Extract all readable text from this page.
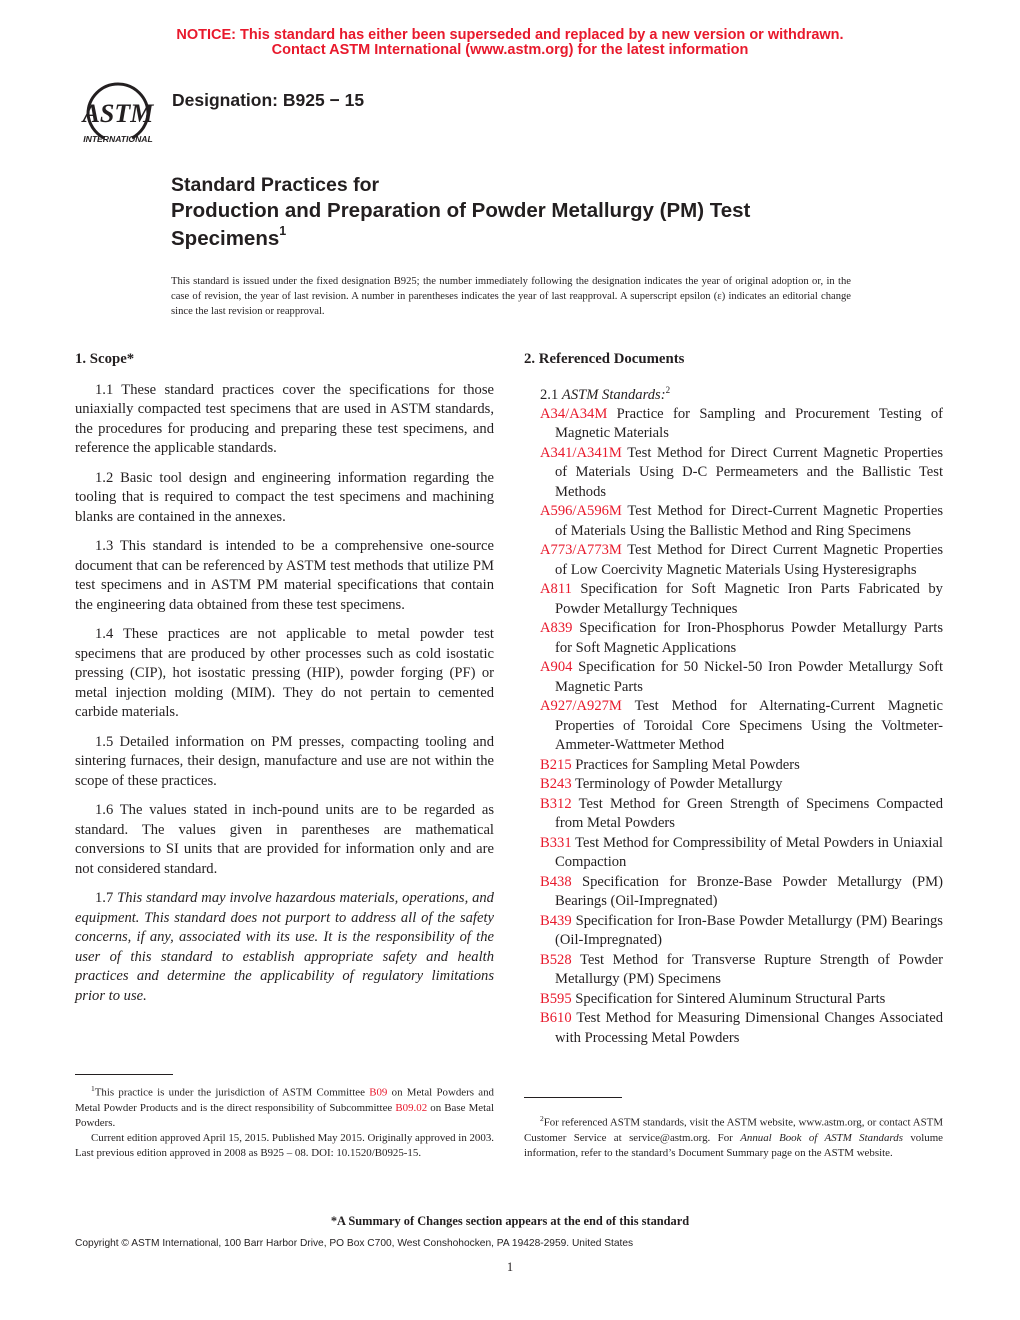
NOTICE: This standard has either been superseded and replaced by a new version or withdrawn.
Contact ASTM International (www.astm.org) for the latest information
ASTM
INTERNATIONAL
Designation: B925 − 15
Standard Practices for
Production and Preparation of Powder Metallurgy (PM) Test
Specimens$^1$
This standard is issued under the fixed designation B925; the number immediately following the designation indicates the year of original adoption or, in the case of revision, the year of last revision. A number in parentheses indicates the year of last reapproval. A superscript epsilon (ε) indicates an editorial change since the last revision or reapproval.
1. Scope*

1.1 These standard practices cover the specifications for those uniaxially compacted test specimens that are used in ASTM standards, the procedures for producing and preparing these test specimens, and reference the applicable standards.

1.2 Basic tool design and engineering information regarding the tooling that is required to compact the test specimens and machining blanks are contained in the annexes.

1.3 This standard is intended to be a comprehensive one-source document that can be referenced by ASTM test methods that utilize PM test specimens and in ASTM PM material specifications that contain the engineering data obtained from these test specimens.

1.4 These practices are not applicable to metal powder test specimens that are produced by other processes such as cold isostatic pressing (CIP), hot isostatic pressing (HIP), powder forging (PF) or metal injection molding (MIM). They do not pertain to cemented carbide materials.

1.5 Detailed information on PM presses, compacting tooling and sintering furnaces, their design, manufacture and use are not within the scope of these practices.

1.6 The values stated in inch-pound units are to be regarded as standard. The values given in parentheses are mathematical conversions to SI units that are provided for information only and are not considered standard.

1.7 This standard may involve hazardous materials, operations, and equipment. This standard does not purport to address all of the safety concerns, if any, associated with its use. It is the responsibility of the user of this standard to establish appropriate safety and health practices and determine the applicability of regulatory limitations prior to use.

2. Referenced Documents
2.1 ASTM Standards:$^2$

A34/A34M Practice for Sampling and Procurement Testing of Magnetic Materials

A341/A341M Test Method for Direct Current Magnetic Properties of Materials Using D-C Permeameters and the Ballistic Test Methods

A596/A596M Test Method for Direct-Current Magnetic Properties of Materials Using the Ballistic Method and Ring Specimens

A773/A773M Test Method for Direct Current Magnetic Properties of Low Coercivity Magnetic Materials Using Hysteresigraphs

A811 Specification for Soft Magnetic Iron Parts Fabricated by Powder Metallurgy Techniques

A839 Specification for Iron-Phosphorus Powder Metallurgy Parts for Soft Magnetic Applications

A904 Specification for 50 Nickel-50 Iron Powder Metallurgy Soft Magnetic Parts

A927/A927M Test Method for Alternating-Current Magnetic Properties of Toroidal Core Specimens Using the Voltmeter-Ammeter-Wattmeter Method

B215 Practices for Sampling Metal Powders

B243 Terminology of Powder Metallurgy

B312 Test Method for Green Strength of Specimens Compacted from Metal Powders

B331 Test Method for Compressibility of Metal Powders in Uniaxial Compaction

B438 Specification for Bronze-Base Powder Metallurgy (PM) Bearings (Oil-Impregnated)

B439 Specification for Iron-Base Powder Metallurgy (PM) Bearings (Oil-Impregnated)

B528 Test Method for Transverse Rupture Strength of Powder Metallurgy (PM) Specimens

B595 Specification for Sintered Aluminum Structural Parts

B610 Test Method for Measuring Dimensional Changes Associated with Processing Metal Powders

$^1$This practice is under the jurisdiction of ASTM Committee B09 on Metal Powders and Metal Powder Products and is the direct responsibility of Subcommittee B09.02 on Base Metal Powders.

Current edition approved April 15, 2015. Published May 2015. Originally approved in 2003. Last previous edition approved in 2008 as B925 – 08. DOI: 10.1520/B0925-15.

$^2$For referenced ASTM standards, visit the ASTM website, www.astm.org, or contact ASTM Customer Service at service@astm.org. For Annual Book of ASTM Standards volume information, refer to the standard’s Document Summary page on the ASTM website.

*A Summary of Changes section appears at the end of this standard
Copyright © ASTM International, 100 Barr Harbor Drive, PO Box C700, West Conshohocken, PA 19428-2959. United States
1
